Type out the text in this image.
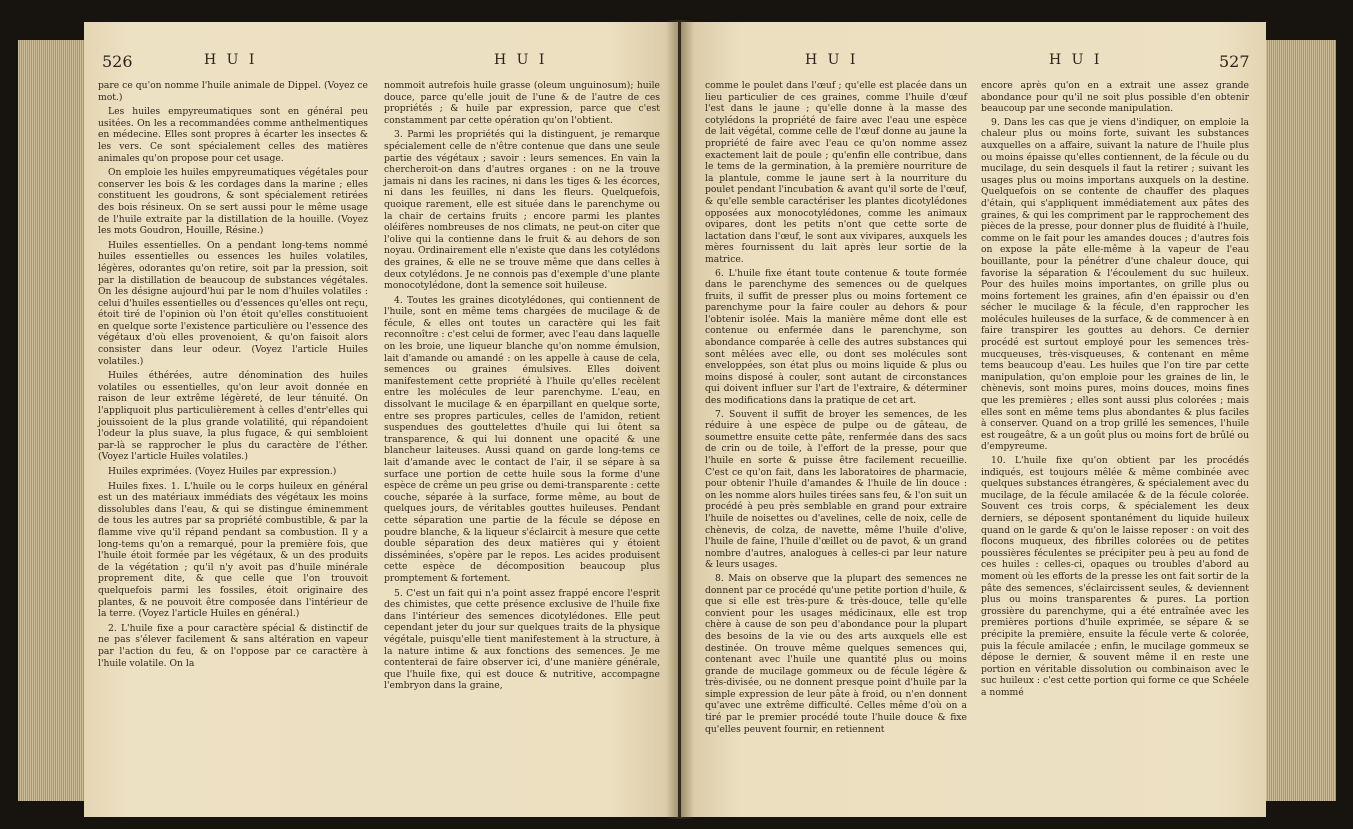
526	H U I	H U I

pare ce qu'on nomme l'huile animale de Dippel. (Voyez ce mot.)

Les huiles empyreumatiques sont en général peu usitées. On les a recommandées comme anthelmentiques en médecine. Elles sont propres à écarter les insectes & les vers. Ce sont spécialement celles des matières animales qu'on propose pour cet usage.

On emploie les huiles empyreumatiques végétales pour conserver les bois & les cordages dans la marine ; elles constituent les goudrons, & sont spécialement retirées des bois résineux. On se sert aussi pour le même usage de l'huile extraite par la distillation de la houille. (Voyez les mots Goudron, Houille, Résine.)

Huiles essentielles. On a pendant long-tems nommé huiles essentielles ou essences les huiles volatiles, légères, odorantes qu'on retire, soit par la pression, soit par la distillation de beaucoup de substances végétales. On les désigne aujourd'hui par le nom d'huiles volatiles : celui d'huiles essentielles ou d'essences qu'elles ont reçu, étoit tiré de l'opinion où l'on étoit qu'elles constituoient en quelque sorte l'existence particulière ou l'essence des végétaux d'où elles provenoient, & qu'on faisoit alors consister dans leur odeur. (Voyez l'article Huiles volatiles.)

Huiles éthérées, autre dénomination des huiles volatiles ou essentielles, qu'on leur avoit donnée en raison de leur extrême légèreté, de leur ténuité. On l'appliquoit plus particulièrement à celles d'entr'elles qui jouissoient de la plus grande volatilité, qui répandoient l'odeur la plus suave, la plus fugace, & qui sembloient par-là se rapprocher le plus du caractère de l'éther. (Voyez l'article Huiles volatiles.)

Huiles exprimées. (Voyez Huiles par expression.)

Huiles fixes. 1. L'huile ou le corps huileux en général est un des matériaux immédiats des végétaux les moins dissolubles dans l'eau, & qui se distingue éminemment de tous les autres par sa propriété combustible, & par la flamme vive qu'il répand pendant sa combustion. Il y a long-tems qu'on a remarqué, pour la première fois, que l'huile étoit formée par les végétaux, & un des produits de la végétation ; qu'il n'y avoit pas d'huile minérale proprement dite, & que celle que l'on trouvoit quelquefois parmi les fossiles, étoit originaire des plantes, & ne pouvoit être composée dans l'intérieur de la terre. (Voyez l'article Huiles en général.)

2. L'huile fixe a pour caractère spécial & distinctif de ne pas s'élever facilement & sans altération en vapeur par l'action du feu, & on l'oppose par ce caractère à l'huile volatile. On la

nommoit autrefois huile grasse (oleum unguinosum); huile douce, parce qu'elle jouit de l'une & de l'autre de ces propriétés ; & huile par expression, parce que c'est constamment par cette opération qu'on l'obtient.

3. Parmi les propriétés qui la distinguent, je remarque spécialement celle de n'être contenue que dans une seule partie des végétaux ; savoir : leurs semences. En vain la chercheroit-on dans d'autres organes : on ne la trouve jamais ni dans les racines, ni dans les tiges & les écorces, ni dans les feuilles, ni dans les fleurs. Quelquefois, quoique rarement, elle est située dans le parenchyme ou la chair de certains fruits ; encore parmi les plantes oléifères nombreuses de nos climats, ne peut-on citer que l'olive qui la contienne dans le fruit & au dehors de son noyau. Ordinairement elle n'existe que dans les cotylédons des graines, & elle ne se trouve même que dans celles à deux cotylédons. Je ne connois pas d'exemple d'une plante monocotylédone, dont la semence soit huileuse.

4. Toutes les graines dicotylédones, qui contiennent de l'huile, sont en même tems chargées de mucilage & de fécule, & elles ont toutes un caractère qui les fait reconnoître : c'est celui de former, avec l'eau dans laquelle on les broie, une liqueur blanche qu'on nomme émulsion, lait d'amande ou amandé : on les appelle à cause de cela, semences ou graines émulsives. Elles doivent manifestement cette propriété à l'huile qu'elles recèlent entre les molécules de leur parenchyme. L'eau, en dissolvant le mucilage & en éparpillant en quelque sorte, entre ses propres particules, celles de l'amidon, retient suspendues des gouttelettes d'huile qui lui ôtent sa transparence, & qui lui donnent une opacité & une blancheur laiteuses. Aussi quand on garde long-tems ce lait d'amande avec le contact de l'air, il se sépare à sa surface une portion de cette huile sous la forme d'une espèce de crême un peu grise ou demi-transparente : cette couche, séparée à la surface, forme même, au bout de quelques jours, de véritables gouttes huileuses. Pendant cette séparation une partie de la fécule se dépose en poudre blanche, & la liqueur s'éclaircit à mesure que cette double séparation des deux matières qui y étoient disséminées, s'opère par le repos. Les acides produisent cette espèce de décomposition beaucoup plus promptement & fortement.

5. C'est un fait qui n'a point assez frappé encore l'esprit des chimistes, que cette présence exclusive de l'huile fixe dans l'intérieur des semences dicotylédones. Elle peut cependant jeter du jour sur quelques traits de la physique végétale, puisqu'elle tient manifestement à la structure, à la nature intime & aux fonctions des semences. Je me contenterai de faire observer ici, d'une manière générale, que l'huile fixe, qui est douce & nutritive, accompagne l'embryon dans la graine,

H U I	H U I	527

comme le poulet dans l'œuf ; qu'elle est placée dans un lieu particulier de ces graines, comme l'huile d'œuf l'est dans le jaune ; qu'elle donne à la masse des cotylédons la propriété de faire avec l'eau une espèce de lait végétal, comme celle de l'œuf donne au jaune la propriété de faire avec l'eau ce qu'on nomme assez exactement lait de poule ; qu'enfin elle contribue, dans le tems de la germination, à la première nourriture de la plantule, comme le jaune sert à la nourriture du poulet pendant l'incubation & avant qu'il sorte de l'œuf, & qu'elle semble caractériser les plantes dicotylédones opposées aux monocotylédones, comme les animaux ovipares, dont les petits n'ont que cette sorte de lactation dans l'œuf, le sont aux vivipares, auxquels les mères fournissent du lait après leur sortie de la matrice.

6. L'huile fixe étant toute contenue & toute formée dans le parenchyme des semences ou de quelques fruits, il suffit de presser plus ou moins fortement ce parenchyme pour la faire couler au dehors & pour l'obtenir isolée. Mais la manière même dont elle est contenue ou enfermée dans le parenchyme, son abondance comparée à celle des autres substances qui sont mêlées avec elle, ou dont ses molécules sont enveloppées, son état plus ou moins liquide & plus ou moins disposé à couler, sont autant de circonstances qui doivent influer sur l'art de l'extraire, & déterminer des modifications dans la pratique de cet art.

7. Souvent il suffit de broyer les semences, de les réduire à une espèce de pulpe ou de gâteau, de soumettre ensuite cette pâte, renfermée dans des sacs de crin ou de toile, à l'effort de la presse, pour que l'huile en sorte & puisse être facilement recueillie. C'est ce qu'on fait, dans les laboratoires de pharmacie, pour obtenir l'huile d'amandes & l'huile de lin douce : on les nomme alors huiles tirées sans feu, & l'on suit un procédé à peu près semblable en grand pour extraire l'huile de noisettes ou d'avelines, celle de noix, celle de chènevis, de colza, de navette, même l'huile d'olive, l'huile de faine, l'huile d'œillet ou de pavot, & un grand nombre d'autres, analogues à celles-ci par leur nature & leurs usages.

8. Mais on observe que la plupart des semences ne donnent par ce procédé qu'une petite portion d'huile, & que si elle est très-pure & très-douce, telle qu'elle convient pour les usages médicinaux, elle est trop chère à cause de son peu d'abondance pour la plupart des besoins de la vie ou des arts auxquels elle est destinée. On trouve même quelques semences qui, contenant avec l'huile une quantité plus ou moins grande de mucilage gommeux ou de fécule légère & très-divisée, ou ne donnent presque point d'huile par la simple expression de leur pâte à froid, ou n'en donnent qu'avec une extrême difficulté. Celles même d'où on a tiré par le premier procédé toute l'huile douce & fixe qu'elles peuvent fournir, en retiennent

encore après qu'on en a extrait une assez grande abondance pour qu'il ne soit plus possible d'en obtenir beaucoup par une seconde manipulation.

9. Dans les cas que je viens d'indiquer, on emploie la chaleur plus ou moins forte, suivant les substances auxquelles on a affaire, suivant la nature de l'huile plus ou moins épaisse qu'elles contiennent, de la fécule ou du mucilage, du sein desquels il faut la retirer ; suivant les usages plus ou moins importans auxquels on la destine. Quelquefois on se contente de chauffer des plaques d'étain, qui s'appliquent immédiatement aux pâtes des graines, & qui les compriment par le rapprochement des pièces de la presse, pour donner plus de fluidité à l'huile, comme on le fait pour les amandes douces ; d'autres fois on expose la pâte elle-même à la vapeur de l'eau bouillante, pour la pénétrer d'une chaleur douce, qui favorise la séparation & l'écoulement du suc huileux. Pour des huiles moins importantes, on grille plus ou moins fortement les graines, afin d'en épaissir ou d'en sécher le mucilage & la fécule, d'en rapprocher les molécules huileuses de la surface, & de commencer à en faire transpirer les gouttes au dehors. Ce dernier procédé est surtout employé pour les semences très-mucqueuses, très-visqueuses, & contenant en même tems beaucoup d'eau. Les huiles que l'on tire par cette manipulation, qu'on emploie pour les graines de lin, le chènevis, sont moins pures, moins douces, moins fines que les premières ; elles sont aussi plus colorées ; mais elles sont en même tems plus abondantes & plus faciles à conserver. Quand on a trop grillé les semences, l'huile est rougeâtre, & a un goût plus ou moins fort de brûlé ou d'empyreume.

10. L'huile fixe qu'on obtient par les procédés indiqués, est toujours mêlée & même combinée avec quelques substances étrangères, & spécialement avec du mucilage, de la fécule amilacée & de la fécule colorée. Souvent ces trois corps, & spécialement les deux derniers, se déposent spontanément du liquide huileux quand on le garde & qu'on le laisse reposer : on voit des flocons muqueux, des fibrilles colorées ou de petites poussières féculentes se précipiter peu à peu au fond de ces huiles : celles-ci, opaques ou troubles d'abord au moment où les efforts de la presse les ont fait sortir de la pâte des semences, s'éclaircissent seules, & deviennent plus ou moins transparentes & pures. La portion grossière du parenchyme, qui a été entraînée avec les premières portions d'huile exprimée, se sépare & se précipite la première, ensuite la fécule verte & colorée, puis la fécule amilacée ; enfin, le mucilage gommeux se dépose le dernier, & souvent même il en reste une portion en véritable dissolution ou combinaison avec le suc huileux : c'est cette portion qui forme ce que Schéele a nommé
